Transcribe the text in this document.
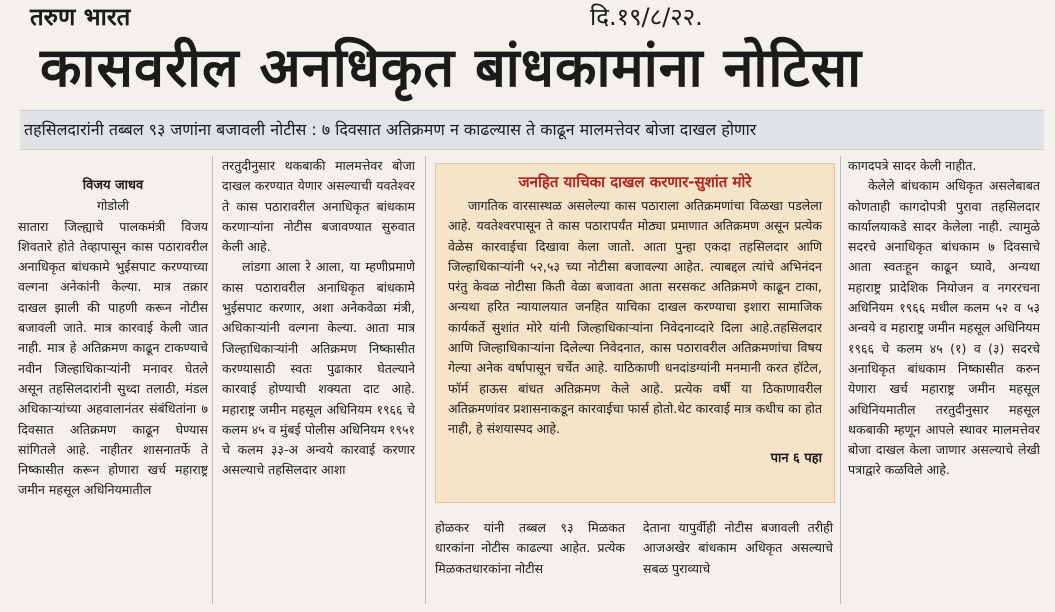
तरुण भारत	दि.१९/८/२२.
कासवरील अनधिकृत बांधकामांना नोटिसा
तहसिलदारांनी तब्बल ९३ जणांना बजावली नोटीस : ७ दिवसात अतिक्रमण न काढल्यास ते काढून मालमत्तेवर बोजा दाखल होणार
विजय जाधव
गोडोली

सातारा जिल्ह्याचे पालकमंत्री विजय शिवतारे होते तेव्हापासून कास पठारावरील अनाधिकृत बांधकामे भुईसपाट करण्याच्या वल्गना अनेकांनी केल्या. मात्र तक्रार दाखल झाली की पाहणी करून नोटीस बजावली जाते. मात्र कारवाई केली जात नाही. मात्र हे अतिक्रमण काढून टाकण्याचे नवीन जिल्हाधिकाऱ्यांनी मनावर घेतले असून तहसिलदारांनी सुध्दा तलाठी, मंडल अधिकाऱ्यांच्या अहवालानंतर संबंधितांना ७ दिवसात अतिक्रमण काढून घेण्यास सांगितले आहे. नाहीतर शासनातर्फे ते निष्कासीत करून होणारा खर्च महाराष्ट्र जमीन महसूल अधिनियमातील

तरतुदीनुसार थकबाकी मालमत्तेवर बोजा दाखल करण्यात येणार असल्याची यवतेश्वर ते कास पठारावरील अनाधिकृत बांधकाम करणाऱ्यांना नोटीस बजावण्यात सुरुवात केली आहे.

लांडगा आला रे आला, या म्हणीप्रमाणे कास पठारावरील अनाधिकृत बांधकामे भुईसपाट करणार, अशा अनेकवेळा मंत्री, अधिकाऱ्यांनी वल्गना केल्या. आता मात्र जिल्हाधिकाऱ्यांनी अतिक्रमण निष्कासीत करण्यासाठी स्वतः पुढाकार घेतल्याने कारवाई होण्याची शक्यता दाट आहे. महाराष्ट्र जमीन महसूल अधिनियम १९६६ चे कलम ४५ व मुंबई पोलीस अधिनियम १९५१ चे कलम ३३-अ अन्वये कारवाई करणार असल्याचे तहसिलदार आशा

जनहित याचिका दाखल करणार-सुशांत मोरे
जागतिक वारसास्थळ असलेल्या कास पठाराला अतिक्रमणांचा विळखा पडलेला आहे. यवतेश्वरपासून ते कास पठारापर्यंत मोठ्या प्रमाणात अतिक्रमण असून प्रत्येक वेळेस कारवाईचा दिखावा केला जातो. आता पुन्हा एकदा तहसिलदार आणि जिल्हाधिकाऱ्यांनी ५२,५३ च्या नोटीसा बजावल्या आहेत. त्याबद्दल त्यांचे अभिनंदन परंतु केवळ नोटीसा किती वेळा बजावता आता सरसकट अतिक्रमणे काढून टाका, अन्यथा हरित न्यायालयात जनहित याचिका दाखल करण्याचा इशारा सामाजिक कार्यकर्ते सुशांत मोरे यांनी जिल्हाधिकाऱ्यांना निवेदनाव्दारे दिला आहे.तहसिलदार आणि जिल्हाधिकाऱ्यांना दिलेल्या निवेदनात, कास पठारावरील अतिक्रमणांचा विषय गेल्या अनेक वर्षापासून चर्चेत आहे. याठिकाणी धनदांडग्यांनी मनमानी करत हॉटेल, फॉर्म हाऊस बांधत अतिक्रमण केले आहे. प्रत्येक वर्षी या ठिकाणावरील अतिक्रमणांवर प्रशासनाकडून कारवाईचा फार्स होतो.थेट कारवाई मात्र कधीच का होत नाही, हे संशयास्पद आहे.
पान ६ पहा
होळकर यांनी तब्बल ९३ मिळकत धारकांना नोटीस काढल्या आहेत. प्रत्येक मिळकतधारकांना नोटीस
देताना यापुर्वीही नोटीस बजावली तरीही आजअखेर बांधकाम अधिकृत असल्याचे सबळ पुराव्याचे

कागदपत्रे सादर केली नाहीत.

केलेले बांधकाम अधिकृत असलेबाबत कोणताही कागदोपत्री पुरावा तहसिलदार कार्यालयाकडे सादर केलेला नाही. त्यामुळे सदरचे अनाधिकृत बांधकाम ७ दिवसाचे आता स्वतःहून काढून घ्यावे, अन्यथा महाराष्ट्र प्रादेशिक नियोजन व नगररचना अधिनियम १९६६ मधील कलम ५२ व ५३ अन्वये व महाराष्ट्र जमीन महसूल अधिनियम १९६६ चे कलम ४५ (१) व (३) सदरचे अनाधिकृत बांधकाम निष्कासीत करुन येणारा खर्च महाराष्ट्र जमीन महसूल अधिनियमातील तरतुदीनुसार महसूल थकबाकी म्हणून आपले स्थावर मालमत्तेवर बोजा दाखल केला जाणार असल्याचे लेखी पत्राद्वारे कळविले आहे.
